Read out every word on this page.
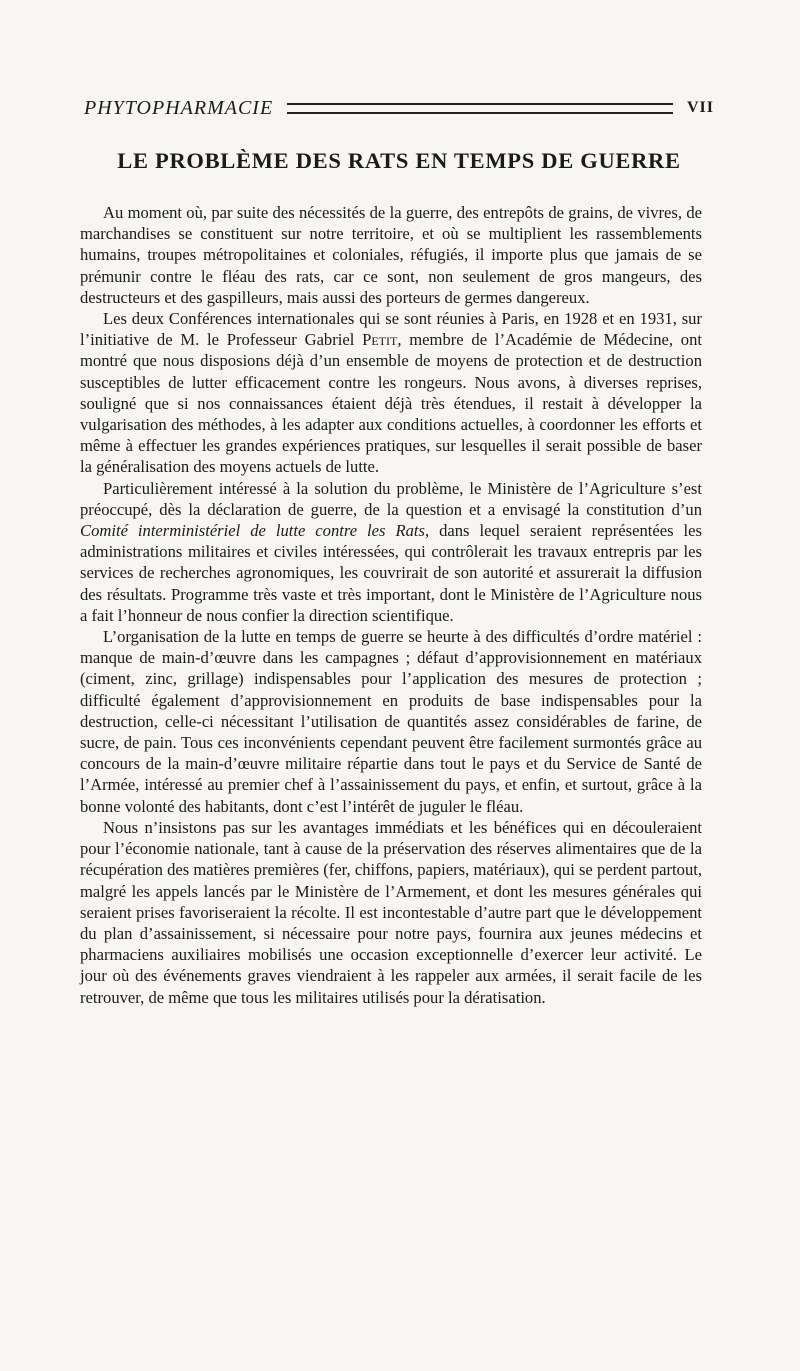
PHYTOPHARMACIE	VII
LE PROBLÈME DES RATS EN TEMPS DE GUERRE

Au moment où, par suite des nécessités de la guerre, des entrepôts de grains, de vivres, de marchandises se constituent sur notre territoire, et où se multiplient les rassemblements humains, troupes métropolitaines et coloniales, réfugiés, il importe plus que jamais de se prémunir contre le fléau des rats, car ce sont, non seulement de gros mangeurs, des destructeurs et des gaspilleurs, mais aussi des porteurs de germes dangereux.

Les deux Conférences internationales qui se sont réunies à Paris, en 1928 et en 1931, sur l’initiative de M. le Professeur Gabriel Petit, membre de l’Académie de Médecine, ont montré que nous disposions déjà d’un ensemble de moyens de protection et de destruction susceptibles de lutter efficacement contre les rongeurs. Nous avons, à diverses reprises, souligné que si nos connaissances étaient déjà très étendues, il restait à développer la vulgarisation des méthodes, à les adapter aux conditions actuelles, à coordonner les efforts et même à effectuer les grandes expériences pratiques, sur lesquelles il serait possible de baser la généralisation des moyens actuels de lutte.

Particulièrement intéressé à la solution du problème, le Ministère de l’Agriculture s’est préoccupé, dès la déclaration de guerre, de la question et a envisagé la constitution d’un Comité interministériel de lutte contre les Rats, dans lequel seraient représentées les administrations militaires et civiles intéressées, qui contrôlerait les travaux entrepris par les services de recherches agronomiques, les couvrirait de son autorité et assurerait la diffusion des résultats. Programme très vaste et très important, dont le Ministère de l’Agriculture nous a fait l’honneur de nous confier la direction scientifique.

L’organisation de la lutte en temps de guerre se heurte à des difficultés d’ordre matériel : manque de main-d’œuvre dans les campagnes ; défaut d’approvisionnement en matériaux (ciment, zinc, grillage) indispensables pour l’application des mesures de protection ; difficulté également d’approvisionnement en produits de base indispensables pour la destruction, celle-ci nécessitant l’utilisation de quantités assez considérables de farine, de sucre, de pain. Tous ces inconvénients cependant peuvent être facilement surmontés grâce au concours de la main-d’œuvre militaire répartie dans tout le pays et du Service de Santé de l’Armée, intéressé au premier chef à l’assainissement du pays, et enfin, et surtout, grâce à la bonne volonté des habitants, dont c’est l’intérêt de juguler le fléau.

Nous n’insistons pas sur les avantages immédiats et les bénéfices qui en découleraient pour l’économie nationale, tant à cause de la préservation des réserves alimentaires que de la récupération des matières premières (fer, chiffons, papiers, matériaux), qui se perdent partout, malgré les appels lancés par le Ministère de l’Armement, et dont les mesures générales qui seraient prises favoriseraient la récolte. Il est incontestable d’autre part que le développement du plan d’assainissement, si nécessaire pour notre pays, fournira aux jeunes médecins et pharmaciens auxiliaires mobilisés une occasion exceptionnelle d’exercer leur activité. Le jour où des événements graves viendraient à les rappeler aux armées, il serait facile de les retrouver, de même que tous les militaires utilisés pour la dératisation.
